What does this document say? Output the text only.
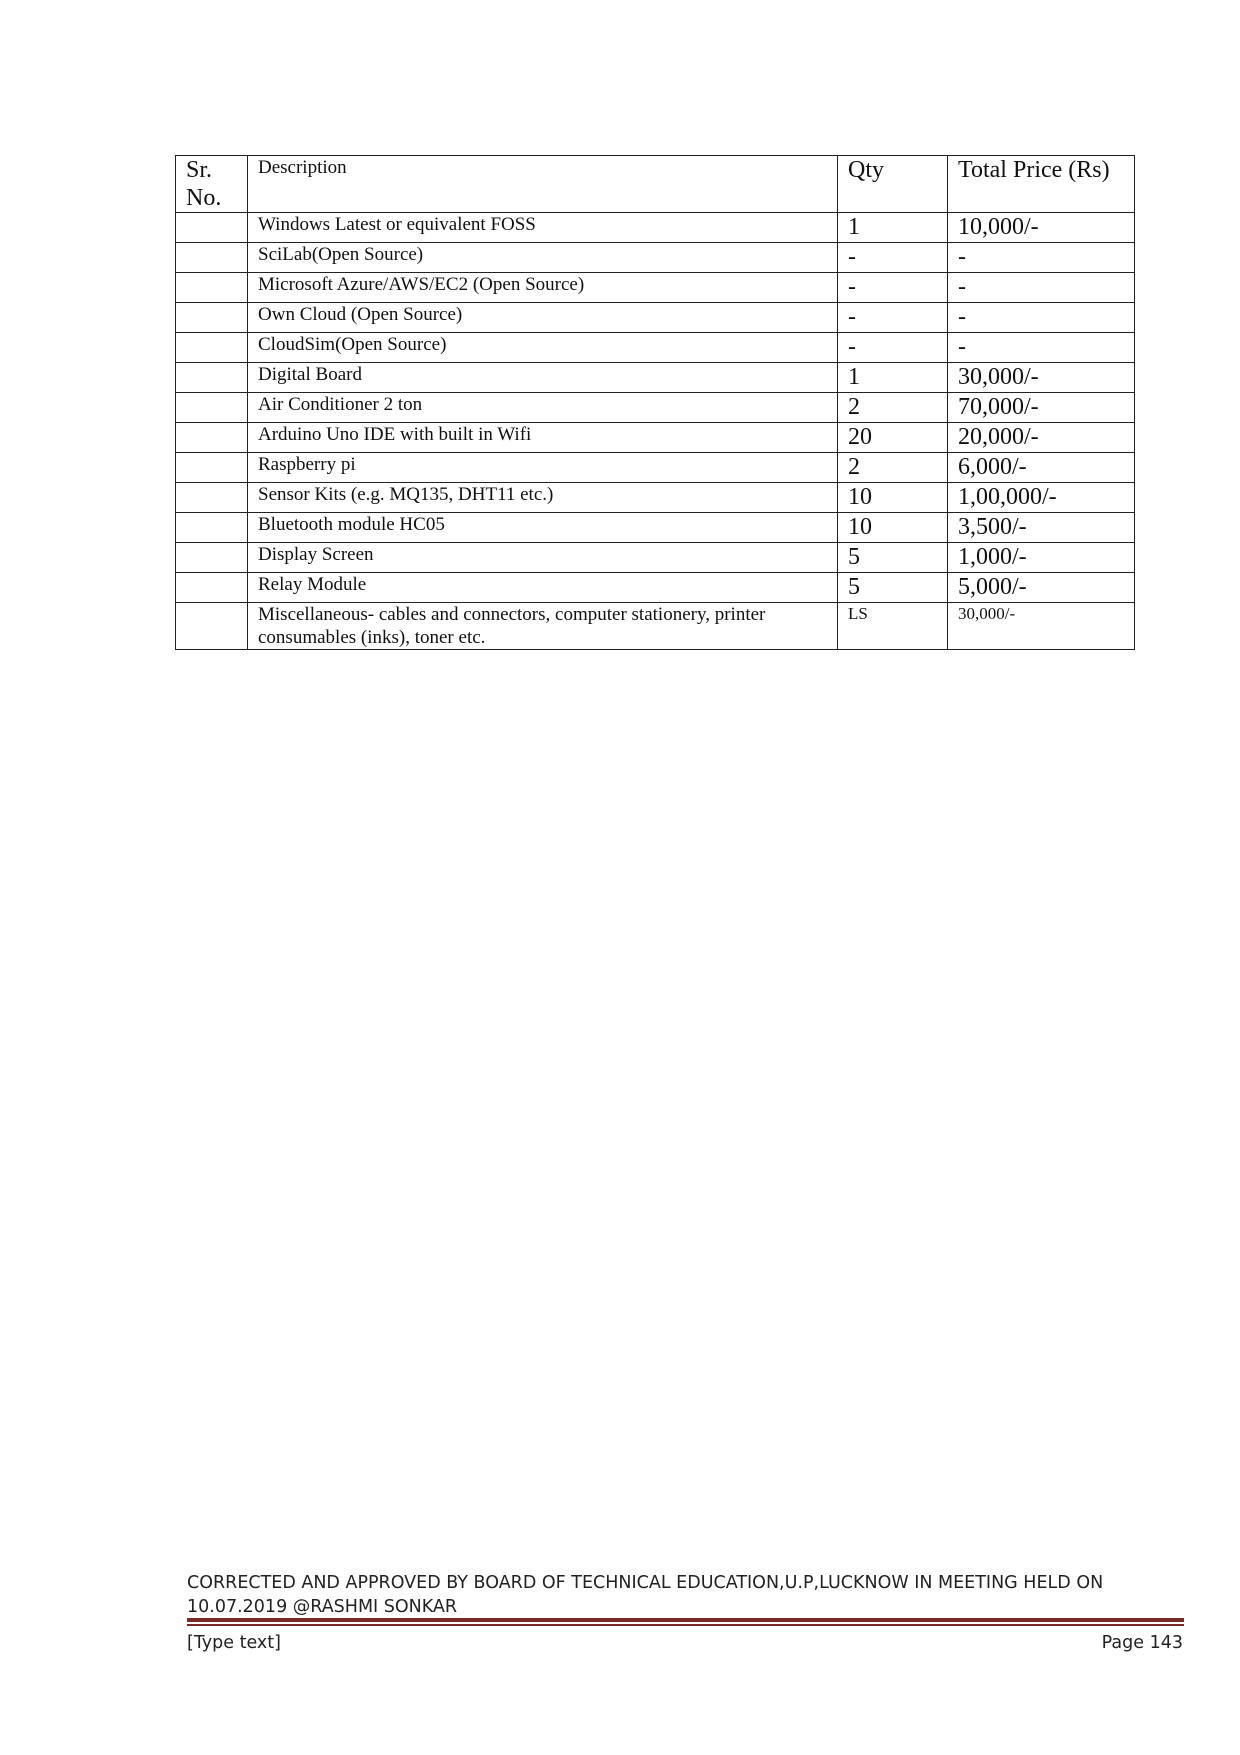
Sr. No.	Description	Qty	Total Price (Rs)
	Windows Latest or equivalent FOSS	1	10,000/-
	SciLab(Open Source)	-	-
	Microsoft Azure/AWS/EC2 (Open Source)	-	-
	Own Cloud (Open Source)	-	-
	CloudSim(Open Source)	-	-
	Digital Board	1	30,000/-
	Air Conditioner 2 ton	2	70,000/-
	Arduino Uno IDE with built in Wifi	20	20,000/-
	Raspberry pi	2	6,000/-
	Sensor Kits (e.g. MQ135, DHT11 etc.)	10	1,00,000/-
	Bluetooth module HC05	10	3,500/-
	Display Screen	5	1,000/-
	Relay Module	5	5,000/-
	Miscellaneous- cables and connectors, computer stationery, printer consumables (inks), toner etc.	LS	30,000/-
CORRECTED AND APPROVED BY BOARD OF TECHNICAL EDUCATION,U.P,LUCKNOW IN MEETING HELD ON 10.07.2019 @RASHMI SONKAR
[Type text]	Page 143
